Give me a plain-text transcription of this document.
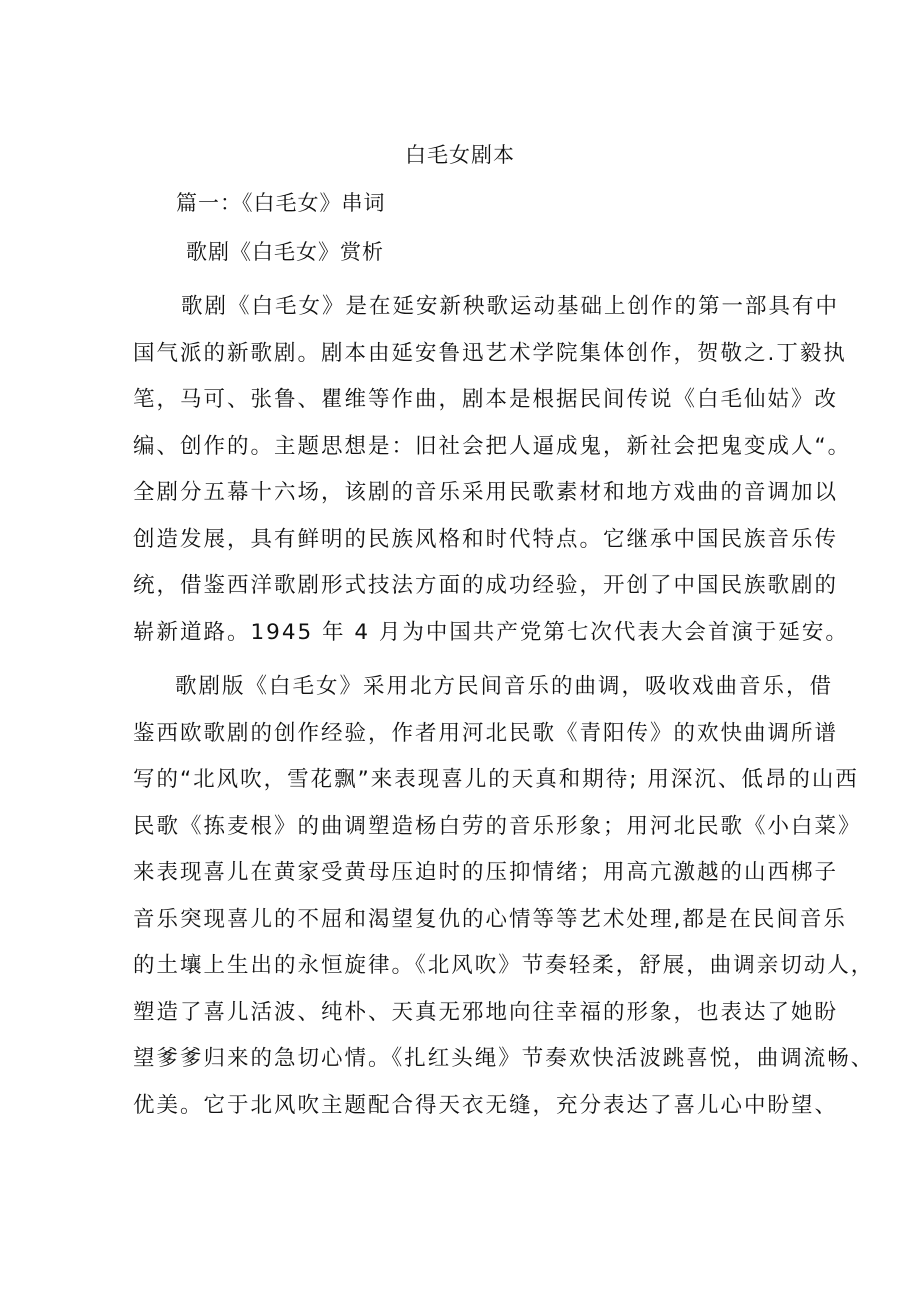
白毛女剧本
篇一：《白毛女》串词
歌剧《白毛女》赏析
歌剧《白毛女》是在延安新秧歌运动基础上创作的第一部具有中
国气派的新歌剧。剧本由延安鲁迅艺术学院集体创作，贺敬之.丁毅执
笔，马可、张鲁、瞿维等作曲，剧本是根据民间传说《白毛仙姑》改
编、创作的。主题思想是：旧社会把人逼成鬼，新社会把鬼变成人“。
全剧分五幕十六场，该剧的音乐采用民歌素材和地方戏曲的音调加以
创造发展，具有鲜明的民族风格和时代特点。它继承中国民族音乐传
统，借鉴西洋歌剧形式技法方面的成功经验，开创了中国民族歌剧的
崭新道路。1945 年 4 月为中国共产党第七次代表大会首演于延安。
歌剧版《白毛女》采用北方民间音乐的曲调，吸收戏曲音乐，借
鉴西欧歌剧的创作经验，作者用河北民歌《青阳传》的欢快曲调所谱
写的“北风吹，雪花飘”来表现喜儿的天真和期待; 用深沉、低昂的山西
民歌《拣麦根》的曲调塑造杨白劳的音乐形象；用河北民歌《小白菜》
来表现喜儿在黄家受黄母压迫时的压抑情绪；用高亢激越的山西梆子
音乐突现喜儿的不屈和渴望复仇的心情等等艺术处理,都是在民间音乐
的土壤上生出的永恒旋律。《北风吹》节奏轻柔，舒展，曲调亲切动人，
塑造了喜儿活波、纯朴、天真无邪地向往幸福的形象，也表达了她盼
望爹爹归来的急切心情。《扎红头绳》节奏欢快活波跳喜悦，曲调流畅、
优美。它于北风吹主题配合得天衣无缝，充分表达了喜儿心中盼望、
